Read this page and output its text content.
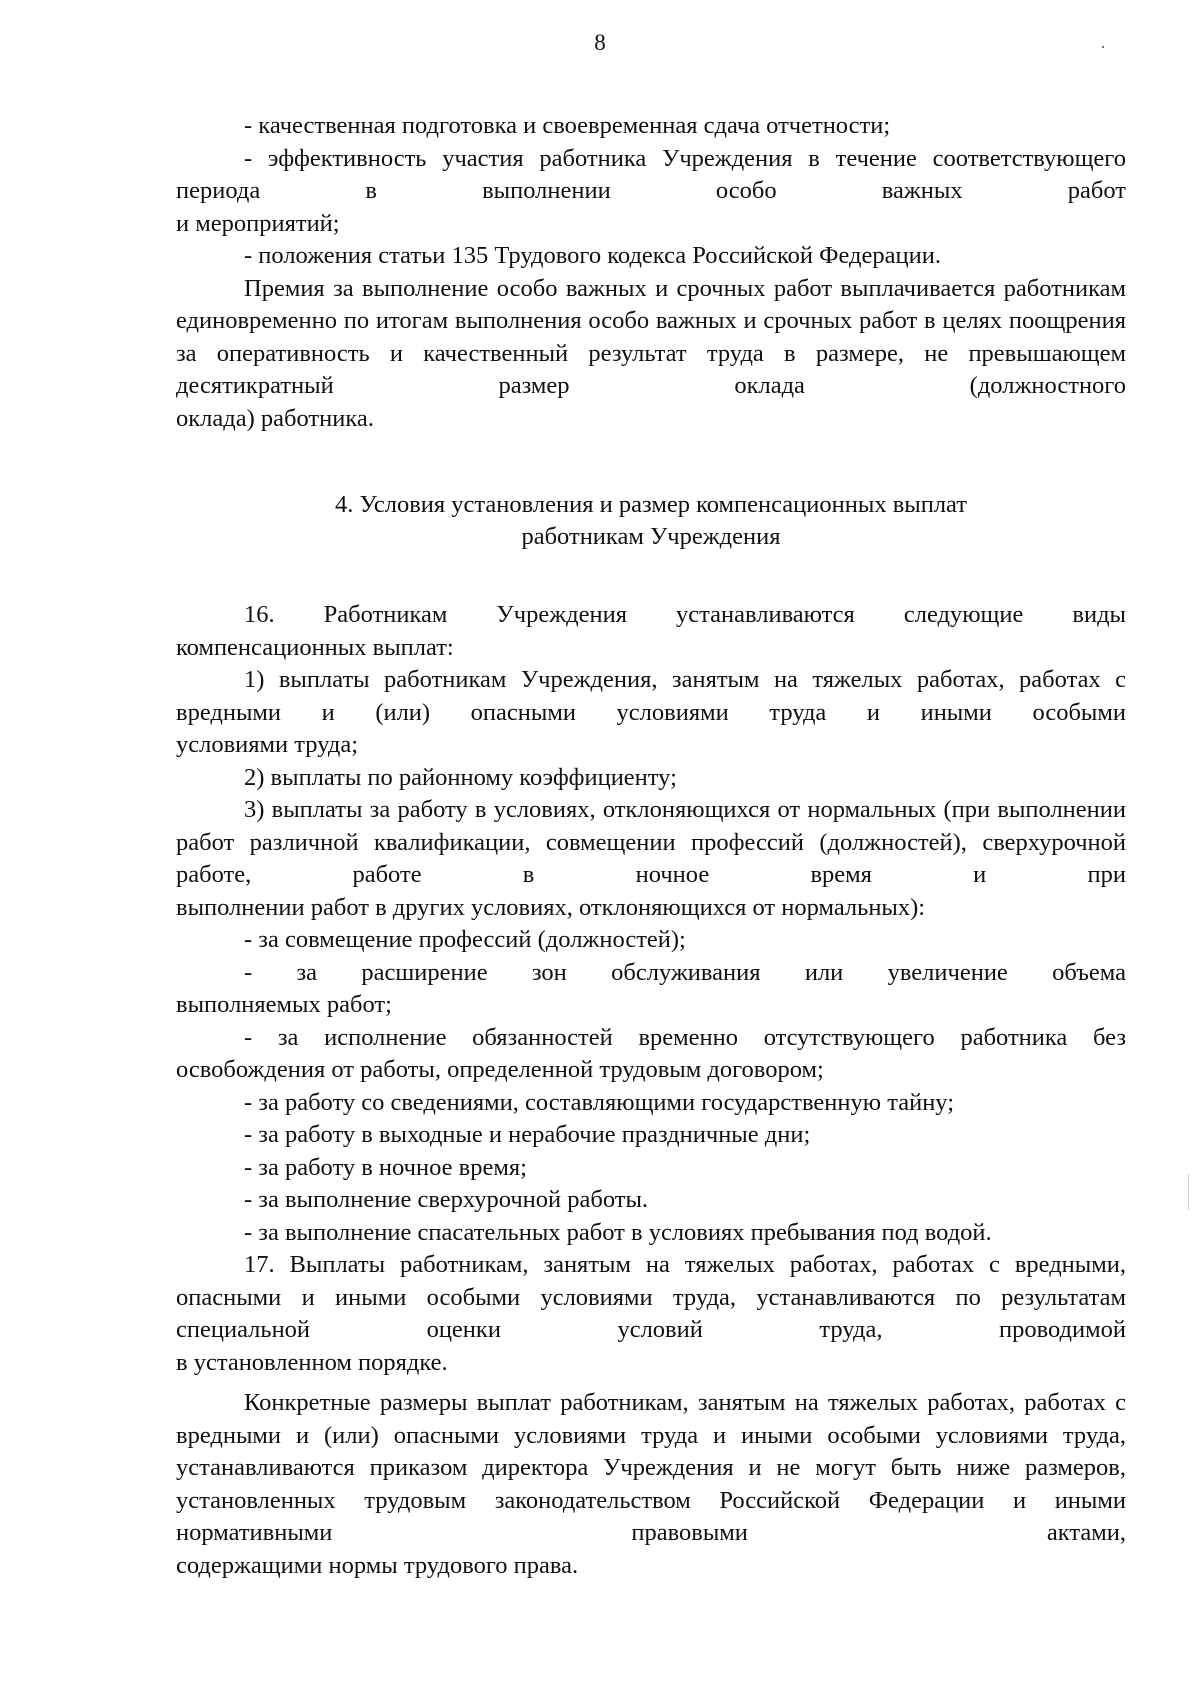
8

- качественная подготовка и своевременная сдача отчетности;

- эффективность участия работника Учреждения в течение соответствующего периода в выполнении особо важных работ

и мероприятий;

- положения статьи 135 Трудового кодекса Российской Федерации.

Премия за выполнение особо важных и срочных работ выплачивается работникам единовременно по итогам выполнения особо важных и срочных работ в целях поощрения за оперативность и качественный результат труда в размере, не превышающем десятикратный размер оклада (должностного

оклада) работника.

4. Условия установления и размер компенсационных выплат
работникам Учреждения

16. Работникам Учреждения устанавливаются следующие виды

компенсационных выплат:

1) выплаты работникам Учреждения, занятым на тяжелых работах, работах с вредными и (или) опасными условиями труда и иными особыми

условиями труда;

2) выплаты по районному коэффициенту;

3) выплаты за работу в условиях, отклоняющихся от нормальных (при выполнении работ различной квалификации, совмещении профессий (должностей), сверхурочной работе, работе в ночное время и при

выполнении работ в других условиях, отклоняющихся от нормальных):

- за совмещение профессий (должностей);

- за расширение зон обслуживания или увеличение объема

выполняемых работ;

- за исполнение обязанностей временно отсутствующего работника без

освобождения от работы, определенной трудовым договором;

- за работу со сведениями, составляющими государственную тайну;

- за работу в выходные и нерабочие праздничные дни;

- за работу в ночное время;

- за выполнение сверхурочной работы.

- за выполнение спасательных работ в условиях пребывания под водой.

17. Выплаты работникам, занятым на тяжелых работах, работах с вредными, опасными и иными особыми условиями труда, устанавливаются по результатам специальной оценки условий труда, проводимой

в установленном порядке.

Конкретные размеры выплат работникам, занятым на тяжелых работах, работах с вредными и (или) опасными условиями труда и иными особыми условиями труда, устанавливаются приказом директора Учреждения и не могут быть ниже размеров, установленных трудовым законодательством Российской Федерации и иными нормативными правовыми актами,

содержащими нормы трудового права.
